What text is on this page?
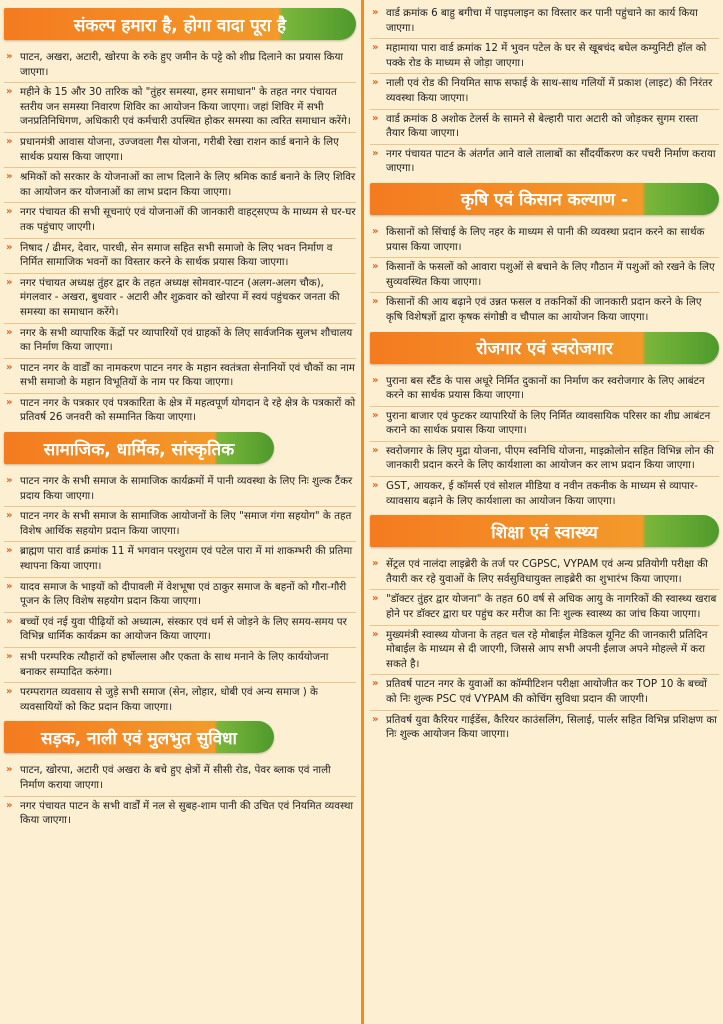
संकल्प हमारा है, होगा वादा पूरा है
» पाटन, अखरा, अटारी, खोरपा के रुके हुए जमीन के पट्टे को शीघ्र दिलाने का प्रयास किया जाएगा।
» महीने के 15 और 30 तारिक को "तुंहर समस्या, हमर समाधान" के तहत नगर पंचायत स्तरीय जन समस्या निवारण शिविर का आयोजन किया जाएगा। जहां शिविर में सभी जनप्रतिनिधिगण, अधिकारी एवं कर्मचारी उपस्थित होकर समस्या का त्वरित समाधान करेंगे।
» प्रधानमंत्री आवास योजना, उज्जवला गैस योजना, गरीबी रेखा राशन कार्ड बनाने के लिए सार्थक प्रयास किया जाएगा।
» श्रमिकों को सरकार के योजनाओं का लाभ दिलाने के लिए श्रमिक कार्ड बनाने के लिए शिविर का आयोजन कर योजनाओं का लाभ प्रदान किया जाएगा।
» नगर पंचायत की सभी सूचनाएं एवं योजनाओं की जानकारी वाहट्सएप्प के माध्यम से घर-घर तक पहुंचाए जाएगी।
» निषाद / ढीमर, देवार, पारधी, सेन समाज सहित सभी समाजो के लिए भवन निर्माण व निर्मित सामाजिक भवनों का विस्तार करने के सार्थक प्रयास किया जाएगा।
» नगर पंचायत अध्यक्ष तुंहर द्वार के तहत अध्यक्ष सोमवार-पाटन (अलग-अलग चौक), मंगलवार - अखरा, बुधवार - अटारी और शुक्रवार को खोरपा में स्वयं पहुंचकर जनता की समस्या का समाधान करेंगे।
» नगर के सभी व्यापारिक केंद्रों पर व्यापारियों एवं ग्राहकों के लिए सार्वजनिक सुलभ शौचालय का निर्माण किया जाएगा।
» पाटन नगर के वार्डों का नामकरण पाटन नगर के महान स्वतंत्रता सेनानियों एवं चौकों का नाम सभी समाजो के महान विभूतियों के नाम पर किया जाएगा।
» पाटन नगर के पत्रकार एवं पत्रकारिता के क्षेत्र में महत्वपूर्ण योगदान दे रहे क्षेत्र के पत्रकारों को प्रतिवर्ष 26 जनवरी को सम्मानित किया जाएगा।
सामाजिक, धार्मिक, सांस्कृतिक
» पाटन नगर के सभी समाज के सामाजिक कार्यक्रमों में पानी व्यवस्था के लिए निः शुल्क टैंकर प्रदाय किया जाएगा।
» पाटन नगर के सभी समाज के सामाजिक आयोजनों के लिए "समाज गंगा सहयोग" के तहत विशेष आर्थिक सहयोग प्रदान किया जाएगा।
» ब्राह्मण पारा वार्ड क्रमांक 11 में भगवान परशुराम एवं पटेल पारा में मां शाकम्भरी की प्रतिमा स्थापना किया जाएगा।
» यादव समाज के भाइयों को दीपावली में वेशभूषा एवं ठाकुर समाज के बहनों को गौरा-गौरी पूजन के लिए विशेष सहयोग प्रदान किया जाएगा।
» बच्चों एवं नई युवा पीढ़ियों को अध्यात्म, संस्कार एवं धर्म से जोड़ने के लिए समय-समय पर विभिन्न धार्मिक कार्यक्रम का आयोजन किया जाएगा।
» सभी परम्परिक त्यौहारों को हर्षोल्लास और एकता के साथ मनाने के लिए कार्ययोजना बनाकर सम्पादित करुंगा।
» परम्परागत व्यवसाय से जुड़े सभी समाज (सेन, लोहार, धोबी एवं अन्य समाज ) के व्यवसायियों को किट प्रदान किया जाएगा।
सड़क, नाली एवं मुलभुत सुविधा
» पाटन, खोरपा, अटारी एवं अखरा के बचे हुए क्षेत्रों में सीसी रोड, पेवर ब्लाक एवं नाली निर्माण कराया जाएगा।
» नगर पंचायत पाटन के सभी वार्डों में नल से सुबह-शाम पानी की उचित एवं नियमित व्यवस्था किया जाएगा।
» वार्ड क्रमांक 6 बाहु बगीचा में पाइपलाइन का विस्तार कर पानी पहुंचाने का कार्य किया जाएगा।
» महामाया पारा वार्ड क्रमांक 12 में भुवन पटेल के घर से खूबचंद बघेल कम्युनिटी हॉल को पक्के रोड के माध्यम से जोड़ा जाएगा।
» नाली एवं रोड की नियमित साफ सफाई के साथ-साथ गलियों में प्रकाश (लाइट) की निरंतर व्यवस्था किया जाएगा।
» वार्ड क्रमांक 8 अशोक टेलर्स के सामने से बेल्हारी पारा अटारी को जोड़कर सुगम रास्ता तैयार किया जाएगा।
» नगर पंचायत पाटन के अंतर्गत आने वाले तालाबों का सौंदर्यीकरण कर पचरी निर्माण कराया जाएगा।
कृषि एवं किसान कल्याण -
» किसानों को सिंचाई के लिए नहर के माध्यम से पानी की व्यवस्था प्रदान करने का सार्थक प्रयास किया जाएगा।
» किसानों के फसलों को आवारा पशुओं से बचाने के लिए गौठान में पशुओं को रखने के लिए सुव्यवस्थित किया जाएगा।
» किसानों की आय बढ़ाने एवं उन्नत फसल व तकनिकों की जानकारी प्रदान करने के लिए कृषि विशेषज्ञों द्वारा कृषक संगोष्ठी व चौपाल का आयोजन किया जाएगा।
रोजगार एवं स्वरोजगार
» पुराना बस स्टैंड के पास अधूरे निर्मित दुकानों का निर्माण कर स्वरोजगार के लिए आबंटन करने का सार्थक प्रयास किया जाएगा।
» पुराना बाजार एवं फुटकर व्यापारियों के लिए निर्मित व्यावसायिक परिसर का शीघ्र आबंटन कराने का सार्थक प्रयास किया जाएगा।
» स्वरोजगार के लिए मुद्रा योजना, पीएम स्वनिधि योजना, माइक्रोलोन सहित विभिन्न लोन की जानकारी प्रदान करने के लिए कार्यशाला का आयोजन कर लाभ प्रदान किया जाएगा।
» GST, आयकर, ई कॉमर्स एवं सोशल मीडिया व नवीन तकनीक के माध्यम से व्यापार-व्यावसाय बढ़ाने के लिए कार्यशाला का आयोजन किया जाएगा।
शिक्षा एवं स्वास्थ्य
» सेंट्रल एवं नालंदा लाइब्रेरी के तर्ज पर CGPSC, VYPAM एवं अन्य प्रतियोगी परीक्षा की तैयारी कर रहे युवाओं के लिए सर्वसुविधायुक्त लाइब्रेरी का शुभारंभ किया जाएगा।
» "डॉक्टर तुंहर द्वार योजना" के तहत 60 वर्ष से अधिक आयु के नागरिकों की स्वास्थ्य खराब होने पर डॉक्टर द्वारा घर पहुंच कर मरीज का निः शुल्क स्वास्थ्य का जांच किया जाएगा।
» मुख्यमंत्री स्वास्थ्य योजना के तहत चल रहे मोबाईल मेडिकल यूनिट की जानकारी प्रतिदिन मोबाईल के माध्यम से दी जाएगी, जिससे आप सभी अपनी ईलाज अपने मोहल्ले में करा सकते है।
» प्रतिवर्ष पाटन नगर के युवाओं का कॉम्पीटिशन परीक्षा आयोजीत कर TOP 10 के बच्चों को निः शुल्क PSC एवं VYPAM की कोचिंग सुविधा प्रदान की जाएगी।
» प्रतिवर्ष युवा कैरियर गाईडेंस, कैरियर काउंसलिंग, सिलाई, पार्लर सहित विभिन्न प्रशिक्षण का निः शुल्क आयोजन किया जाएगा।
